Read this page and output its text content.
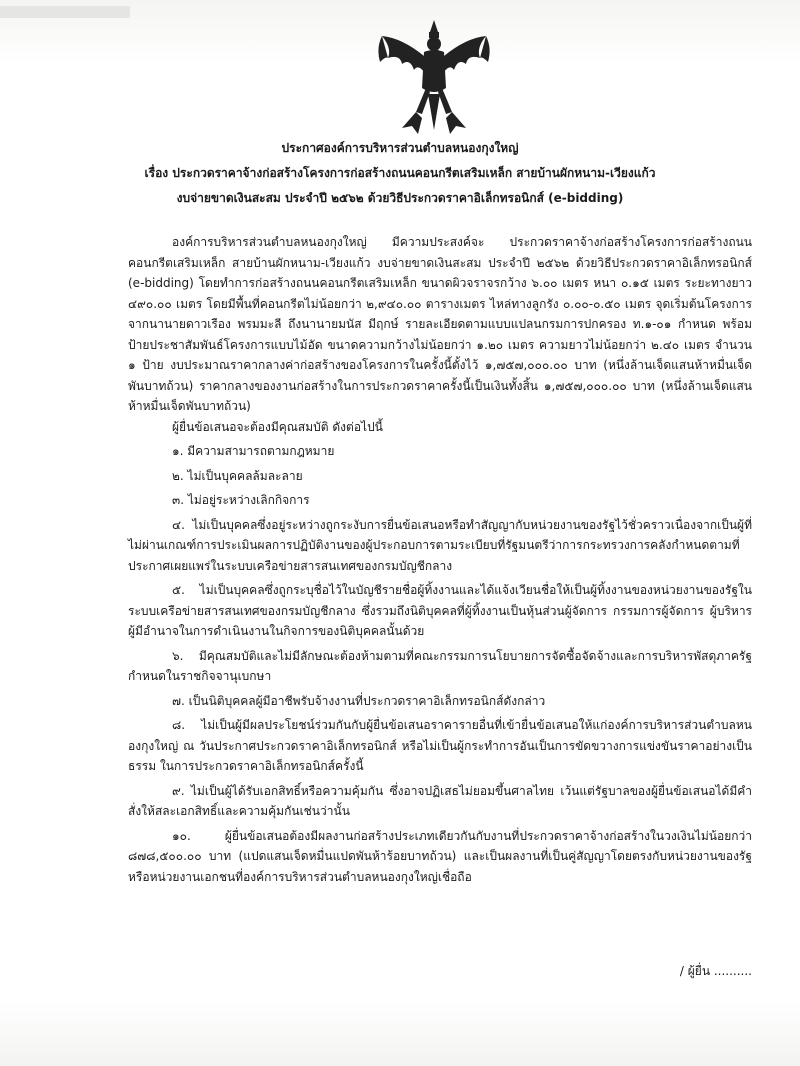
ประกาศองค์การบริหารส่วนตำบลหนองกุงใหญ่
เรื่อง ประกวดราคาจ้างก่อสร้างโครงการก่อสร้างถนนคอนกรีตเสริมเหล็ก สายบ้านผักหนาม-เวียงแก้ว
งบจ่ายขาดเงินสะสม ประจำปี ๒๕๖๒ ด้วยวิธีประกวดราคาอิเล็กทรอนิกส์ (e-bidding)

องค์การบริหารส่วนตำบลหนองกุงใหญ่ มีความประสงค์จะ ประกวดราคาจ้างก่อสร้างโครงการก่อสร้างถนนคอนกรีตเสริมเหล็ก สายบ้านผักหนาม-เวียงแก้ว งบจ่ายขาดเงินสะสม ประจำปี ๒๕๖๒ ด้วยวิธีประกวดราคาอิเล็กทรอนิกส์ (e-bidding) โดยทำการก่อสร้างถนนคอนกรีตเสริมเหล็ก ขนาดผิวจราจรกว้าง ๖.๐๐ เมตร หนา ๐.๑๕ เมตร ระยะทางยาว ๔๙๐.๐๐ เมตร โดยมีพื้นที่คอนกรีตไม่น้อยกว่า ๒,๙๔๐.๐๐ ตารางเมตร ไหล่ทางลูกรัง ๐.๐๐-๐.๕๐ เมตร จุดเริ่มต้นโครงการ จากนานายดาวเรือง พรมมะลี ถึงนานายมนัส มีฤกษ์ รายละเอียดตามแบบแปลนกรมการปกครอง ท.๑-๐๑ กำหนด พร้อมป้ายประชาสัมพันธ์โครงการแบบไม้อัด ขนาดความกว้างไม่น้อยกว่า ๑.๒๐ เมตร ความยาวไม่น้อยกว่า ๒.๔๐ เมตร จำนวน ๑ ป้าย งบประมาณราคากลางค่าก่อสร้างของโครงการในครั้งนี้ตั้งไว้ ๑,๗๕๗,๐๐๐.๐๐ บาท (หนึ่งล้านเจ็ดแสนห้าหมื่นเจ็ดพันบาทถ้วน) ราคากลางของงานก่อสร้างในการประกวดราคาครั้งนี้เป็นเงินทั้งสิ้น ๑,๗๕๗,๐๐๐.๐๐ บาท (หนึ่งล้านเจ็ดแสนห้าหมื่นเจ็ดพันบาทถ้วน)

ผู้ยื่นข้อเสนอจะต้องมีคุณสมบัติ ดังต่อไปนี้

๑. มีความสามารถตามกฎหมาย

๒. ไม่เป็นบุคคลล้มละลาย

๓. ไม่อยู่ระหว่างเลิกกิจการ

๔. ไม่เป็นบุคคลซึ่งอยู่ระหว่างถูกระงับการยื่นข้อเสนอหรือทำสัญญากับหน่วยงานของรัฐไว้ชั่วคราวเนื่องจากเป็นผู้ที่ไม่ผ่านเกณฑ์การประเมินผลการปฏิบัติงานของผู้ประกอบการตามระเบียบที่รัฐมนตรีว่าการกระทรวงการคลังกำหนดตามที่ประกาศเผยแพร่ในระบบเครือข่ายสารสนเทศของกรมบัญชีกลาง

๕. ไม่เป็นบุคคลซึ่งถูกระบุชื่อไว้ในบัญชีรายชื่อผู้ทิ้งงานและได้แจ้งเวียนชื่อให้เป็นผู้ทิ้งงานของหน่วยงานของรัฐในระบบเครือข่ายสารสนเทศของกรมบัญชีกลาง ซึ่งรวมถึงนิติบุคคลที่ผู้ทิ้งงานเป็นหุ้นส่วนผู้จัดการ กรรมการผู้จัดการ ผู้บริหาร ผู้มีอำนาจในการดำเนินงานในกิจการของนิติบุคคลนั้นด้วย

๖. มีคุณสมบัติและไม่มีลักษณะต้องห้ามตามที่คณะกรรมการนโยบายการจัดซื้อจัดจ้างและการบริหารพัสดุภาครัฐกำหนดในราชกิจจานุเบกษา

๗. เป็นนิติบุคคลผู้มีอาชีพรับจ้างงานที่ประกวดราคาอิเล็กทรอนิกส์ดังกล่าว

๘. ไม่เป็นผู้มีผลประโยชน์ร่วมกันกับผู้ยื่นข้อเสนอราคารายอื่นที่เข้ายื่นข้อเสนอให้แก่องค์การบริหารส่วนตำบลหนองกุงใหญ่ ณ วันประกาศประกวดราคาอิเล็กทรอนิกส์ หรือไม่เป็นผู้กระทำการอันเป็นการขัดขวางการแข่งขันราคาอย่างเป็นธรรม ในการประกวดราคาอิเล็กทรอนิกส์ครั้งนี้

๙. ไม่เป็นผู้ได้รับเอกสิทธิ์หรือความคุ้มกัน ซึ่งอาจปฏิเสธไม่ยอมขึ้นศาลไทย เว้นแต่รัฐบาลของผู้ยื่นข้อเสนอได้มีคำสั่งให้สละเอกสิทธิ์และความคุ้มกันเช่นว่านั้น

๑๐. ผู้ยื่นข้อเสนอต้องมีผลงานก่อสร้างประเภทเดียวกันกับงานที่ประกวดราคาจ้างก่อสร้างในวงเงินไม่น้อยกว่า ๘๗๘,๕๐๐.๐๐ บาท (แปดแสนเจ็ดหมื่นแปดพันห้าร้อยบาทถ้วน) และเป็นผลงานที่เป็นคู่สัญญาโดยตรงกับหน่วยงานของรัฐ หรือหน่วยงานเอกชนที่องค์การบริหารส่วนตำบลหนองกุงใหญ่เชื่อถือ

/ ผู้ยื่น ..........
